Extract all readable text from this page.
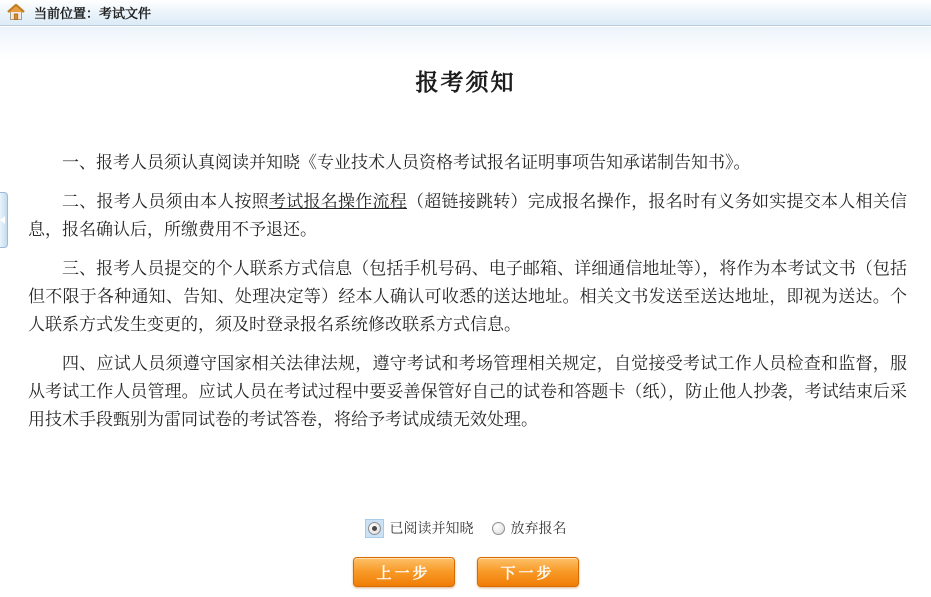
当前位置：考试文件
报考须知

一、报考人员须认真阅读并知晓《专业技术人员资格考试报名证明事项告知承诺制告知书》。

二、报考人员须由本人按照考试报名操作流程（超链接跳转）完成报名操作，报名时有义务如实提交本人相关信息，报名确认后，所缴费用不予退还。

三、报考人员提交的个人联系方式信息（包括手机号码、电子邮箱、详细通信地址等），将作为本考试文书（包括但不限于各种通知、告知、处理决定等）经本人确认可收悉的送达地址。相关文书发送至送达地址，即视为送达。个人联系方式发生变更的，须及时登录报名系统修改联系方式信息。

四、应试人员须遵守国家相关法律法规，遵守考试和考场管理相关规定，自觉接受考试工作人员检查和监督，服从考试工作人员管理。应试人员在考试过程中要妥善保管好自己的试卷和答题卡（纸），防止他人抄袭，考试结束后采用技术手段甄别为雷同试卷的考试答卷，将给予考试成绩无效处理。

已阅读并知晓	放弃报名
上一步	下一步
